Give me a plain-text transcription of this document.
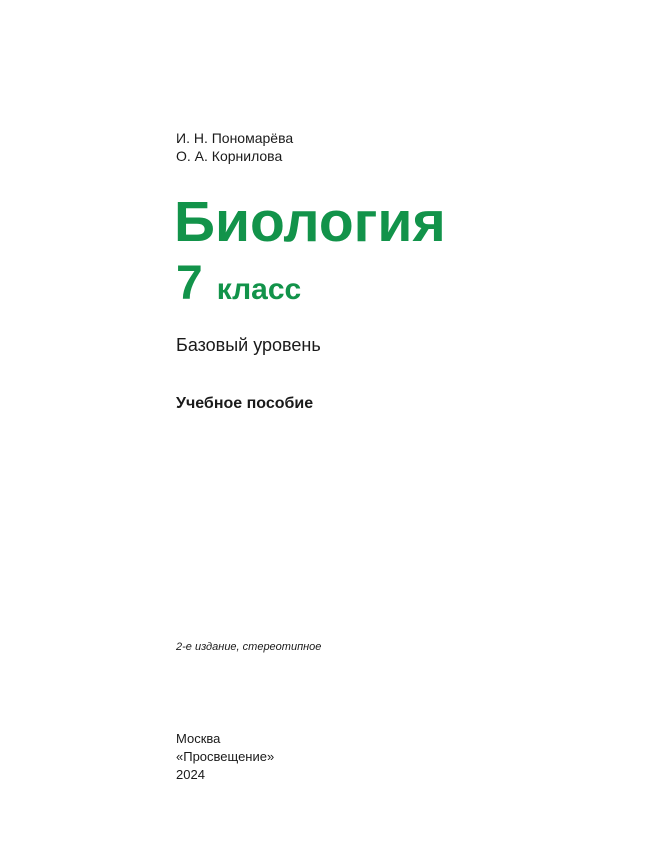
И. Н. Пономарёва
О. А. Корнилова
Биология
7 класс
Базовый уровень
Учебное пособие
2-е издание, стереотипное
Москва
«Просвещение»
2024
